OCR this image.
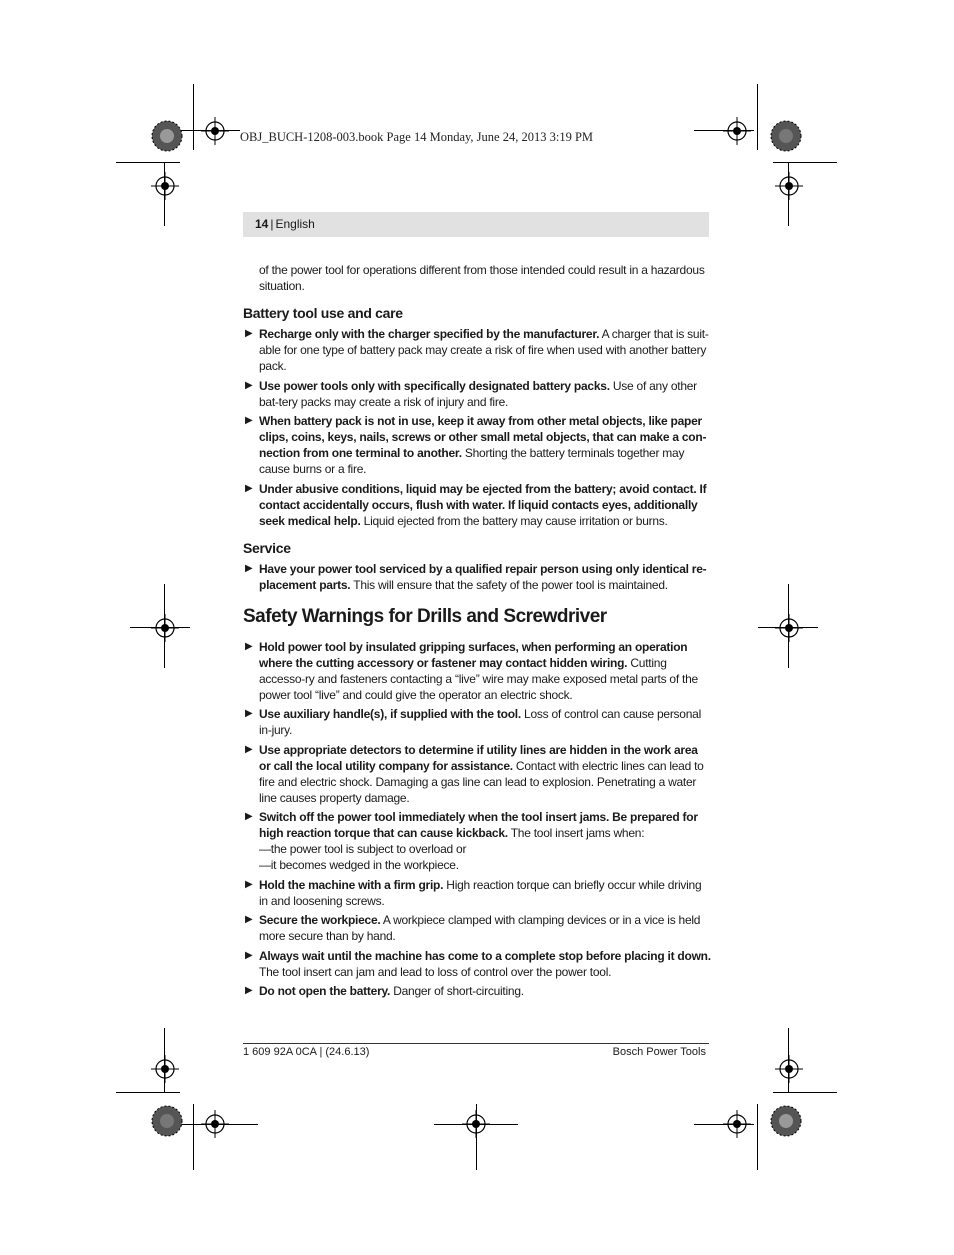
OBJ_BUCH-1208-003.book Page 14 Monday, June 24, 2013 3:19 PM
14 | English

of the power tool for operations different from those intended could result in a hazardous situation.

Battery tool use and care
▶ Recharge only with the charger specified by the manufacturer. A charger that is suit-able for one type of battery pack may create a risk of fire when used with another battery pack.
▶ Use power tools only with specifically designated battery packs. Use of any other bat-tery packs may create a risk of injury and fire.
▶ When battery pack is not in use, keep it away from other metal objects, like paper clips, coins, keys, nails, screws or other small metal objects, that can make a con-nection from one terminal to another. Shorting the battery terminals together may cause burns or a fire.
▶ Under abusive conditions, liquid may be ejected from the battery; avoid contact. If contact accidentally occurs, flush with water. If liquid contacts eyes, additionally seek medical help. Liquid ejected from the battery may cause irritation or burns.
Service
▶ Have your power tool serviced by a qualified repair person using only identical re-placement parts. This will ensure that the safety of the power tool is maintained.
Safety Warnings for Drills and Screwdriver
▶ Hold power tool by insulated gripping surfaces, when performing an operation where the cutting accessory or fastener may contact hidden wiring. Cutting accesso-ry and fasteners contacting a “live” wire may make exposed metal parts of the power tool “live” and could give the operator an electric shock.
▶ Use auxiliary handle(s), if supplied with the tool. Loss of control can cause personal in-jury.
▶ Use appropriate detectors to determine if utility lines are hidden in the work area or call the local utility company for assistance. Contact with electric lines can lead to fire and electric shock. Damaging a gas line can lead to explosion. Penetrating a water line causes property damage.
▶ Switch off the power tool immediately when the tool insert jams. Be prepared for high reaction torque that can cause kickback. The tool insert jams when:
—the power tool is subject to overload or
—it becomes wedged in the workpiece.
▶ Hold the machine with a firm grip. High reaction torque can briefly occur while driving in and loosening screws.
▶ Secure the workpiece. A workpiece clamped with clamping devices or in a vice is held more secure than by hand.
▶ Always wait until the machine has come to a complete stop before placing it down. The tool insert can jam and lead to loss of control over the power tool.
▶ Do not open the battery. Danger of short-circuiting.
1 609 92A 0CA | (24.6.13)	Bosch Power Tools
